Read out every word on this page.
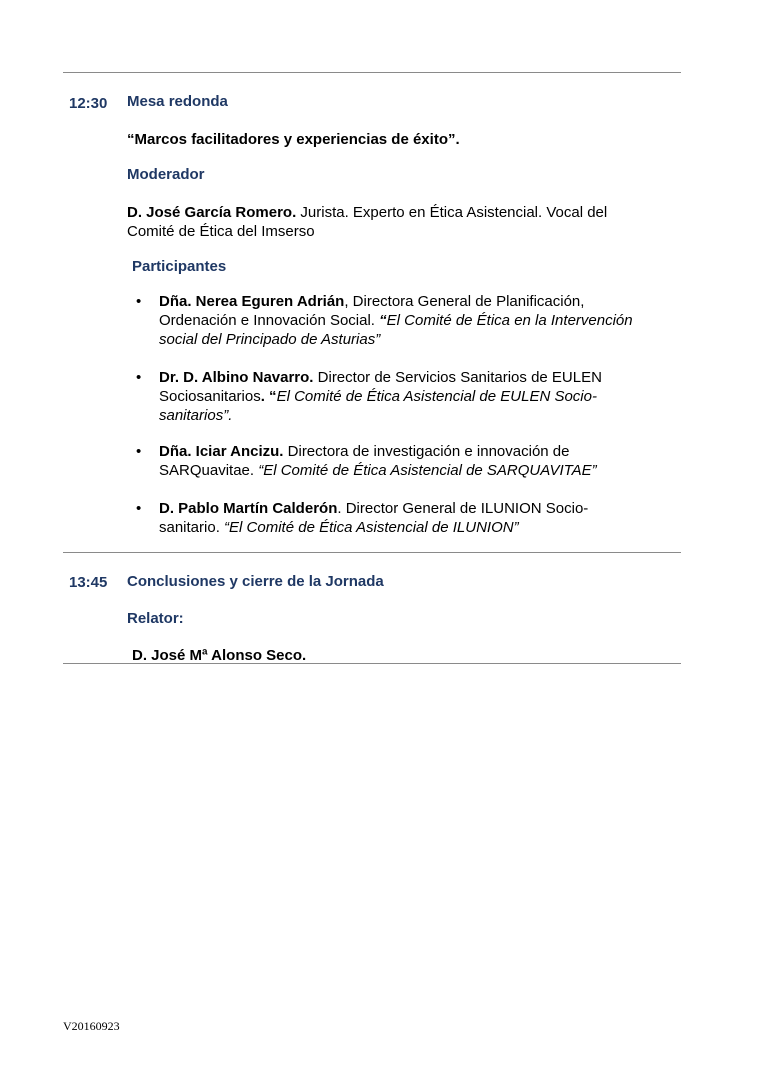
12:30 Mesa redonda
“Marcos facilitadores y experiencias de éxito”.
Moderador
D. José García Romero. Jurista. Experto en Ética Asistencial. Vocal del
Comité de Ética del Imserso
Participantes
• Dña. Nerea Eguren Adrián, Directora General de Planificación,
Ordenación e Innovación Social. “El Comité de Ética en la Intervención
social del Principado de Asturias”
• Dr. D. Albino Navarro. Director de Servicios Sanitarios de EULEN
Sociosanitarios. “El Comité de Ética Asistencial de EULEN Socio-
sanitarios”.
• Dña. Iciar Ancizu. Directora de investigación e innovación de
SARQuavitae. “El Comité de Ética Asistencial de SARQUAVITAE”
• D. Pablo Martín Calderón. Director General de ILUNION Socio-
sanitario. “El Comité de Ética Asistencial de ILUNION”
13:45 Conclusiones y cierre de la Jornada
Relator:
D. José Mª Alonso Seco.
V20160923
